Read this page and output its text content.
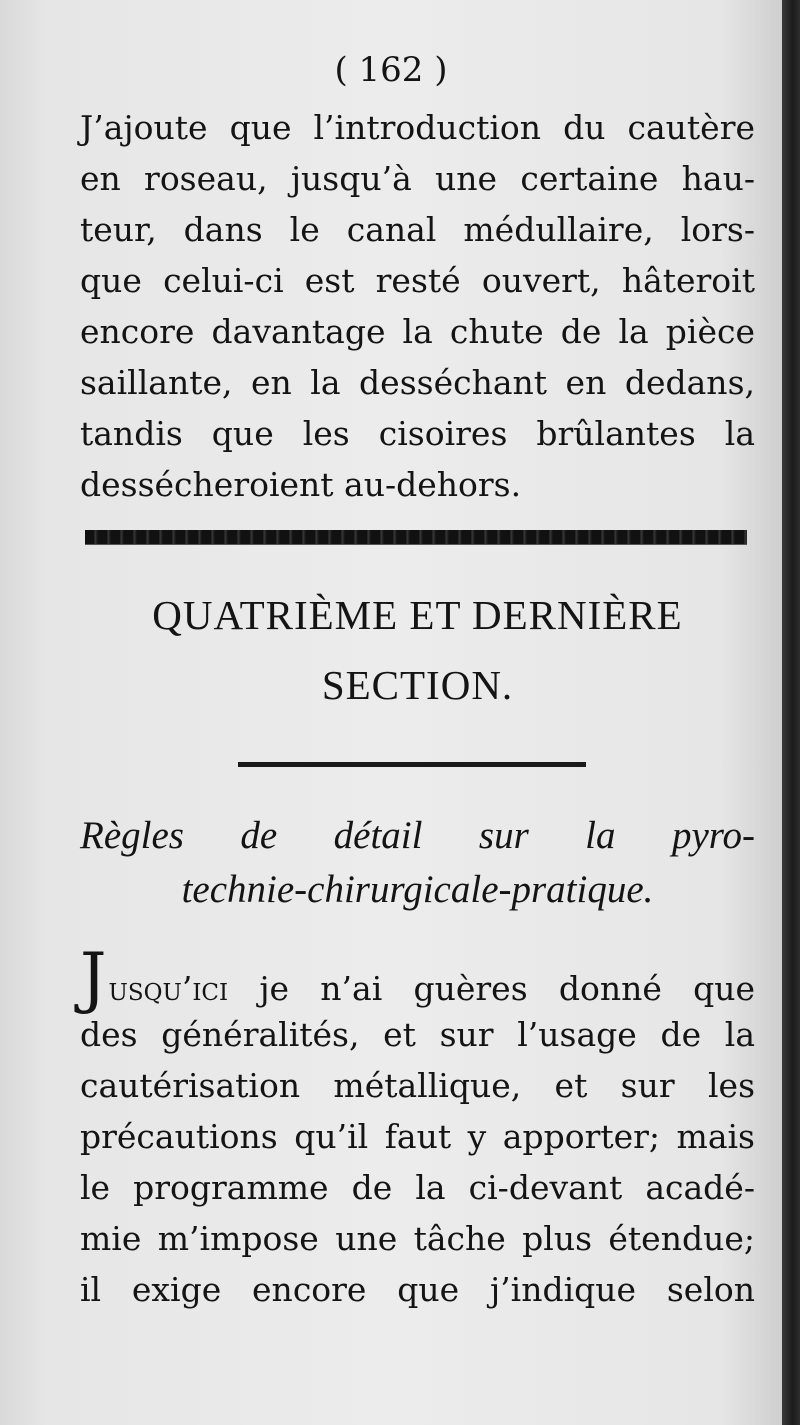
( 162 )
J’ajoute que l’introduction du cautère
en roseau, jusqu’à une certaine hau-
teur, dans le canal médullaire, lors-
que celui-ci est resté ouvert, hâteroit
encore davantage la chute de la pièce
saillante, en la desséchant en dedans,
tandis que les cisoires brûlantes la
dessécheroient au-dehors.
QUATRIÈME ET DERNIÈRE
SECTION.
Règles de détail sur la pyro-
technie-chirurgicale-pratique.
Jusqu’ici je n’ai guères donné que
des généralités, et sur l’usage de la
cautérisation métallique, et sur les
précautions qu’il faut y apporter; mais
le programme de la ci-devant acadé-
mie m’impose une tâche plus étendue;
il exige encore que j’indique selon
